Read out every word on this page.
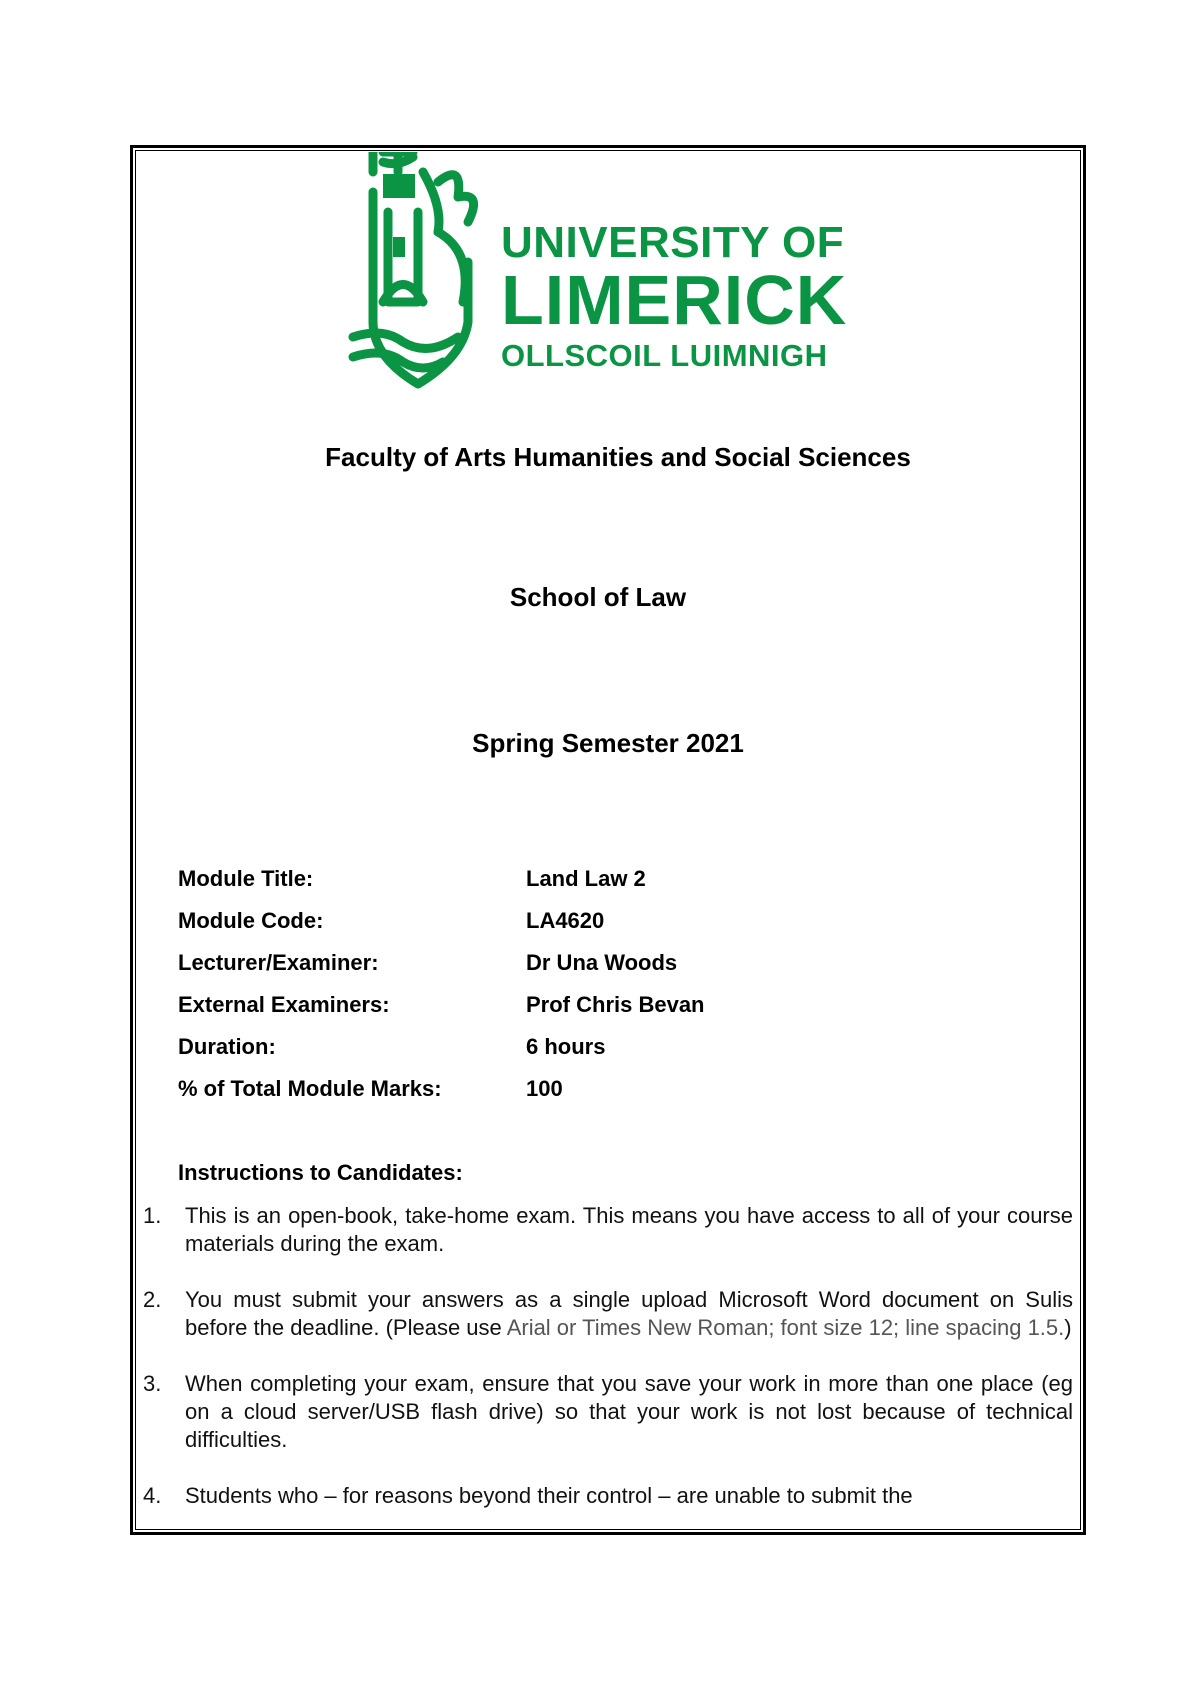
UNIVERSITY OF
LIMERICK
OLLSCOIL LUIMNIGH
Faculty of Arts Humanities and Social Sciences
School of Law
Spring Semester 2021
Module Title:	Land Law 2
Module Code:	LA4620
Lecturer/Examiner:	Dr Una Woods
External Examiners:	Prof Chris Bevan
Duration:	6 hours
% of Total Module Marks:	100
Instructions to Candidates:
1. This is an open-book, take-home exam. This means you have access to all of your course materials during the exam.
2. You must submit your answers as a single upload Microsoft Word document on Sulis before the deadline. (Please use Arial or Times New Roman; font size 12; line spacing 1.5.)
3. When completing your exam, ensure that you save your work in more than one place (eg on a cloud server/USB flash drive) so that your work is not lost because of technical difficulties.
4. Students who – for reasons beyond their control – are unable to submit the
